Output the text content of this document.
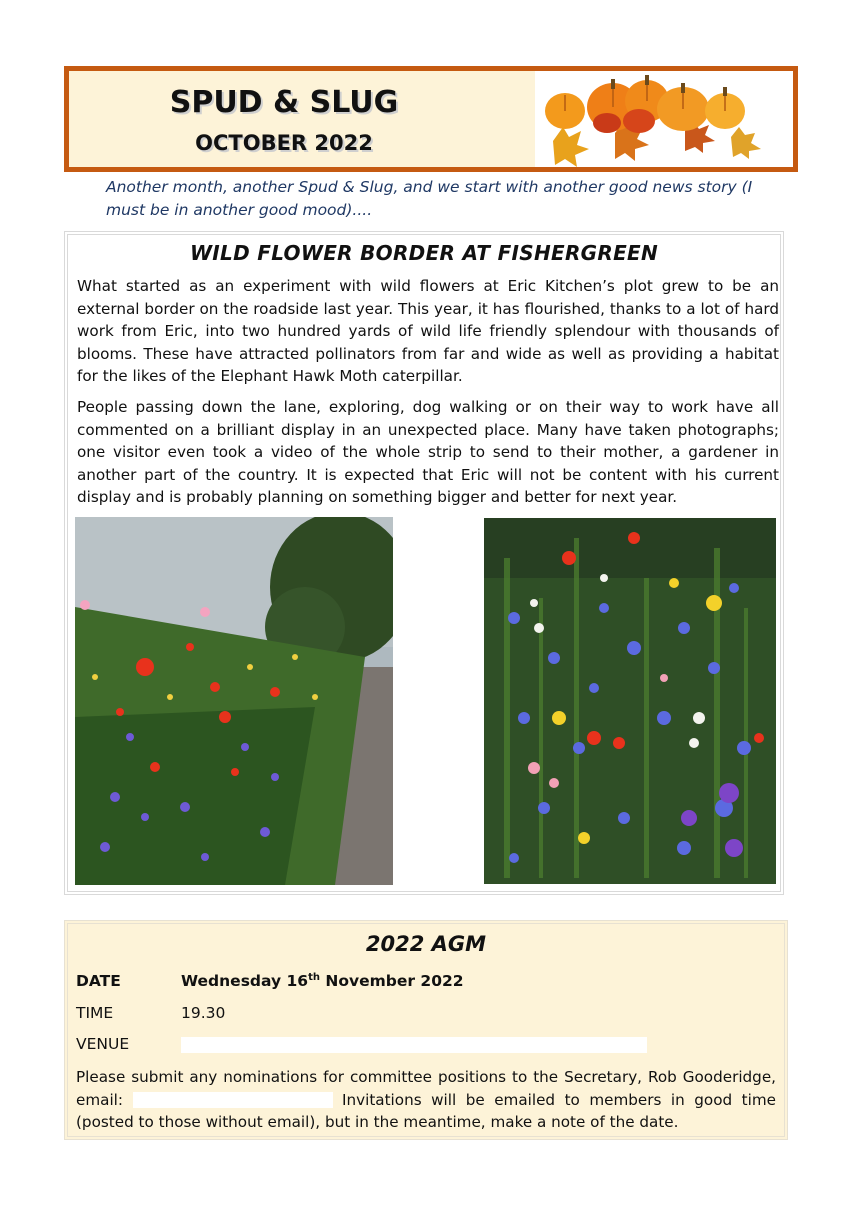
SPUD & SLUG
OCTOBER 2022
Another month, another Spud & Slug, and we start with another good news story (I must be in another good mood)....
WILD FLOWER BORDER AT FISHERGREEN
What started as an experiment with wild flowers at Eric Kitchen’s plot grew to be an external border on the roadside last year. This year, it has flourished, thanks to a lot of hard work from Eric, into two hundred yards of wild life friendly splendour with thousands of blooms. These have attracted pollinators from far and wide as well as providing a habitat for the likes of the Elephant Hawk Moth caterpillar.
People passing down the lane, exploring, dog walking or on their way to work have all commented on a brilliant display in an unexpected place. Many have taken photographs; one visitor even took a video of the whole strip to send to their mother, a gardener in another part of the country. It is expected that Eric will not be content with his current display and is probably planning on something bigger and better for next year.
2022 AGM
DATE	Wednesday 16th November 2022
TIME	19.30
VENUE
Please submit any nominations for committee positions to the Secretary, Rob Gooderidge, email:	Invitations will be emailed to members in good time (posted to those without email), but in the meantime, make a note of the date.
